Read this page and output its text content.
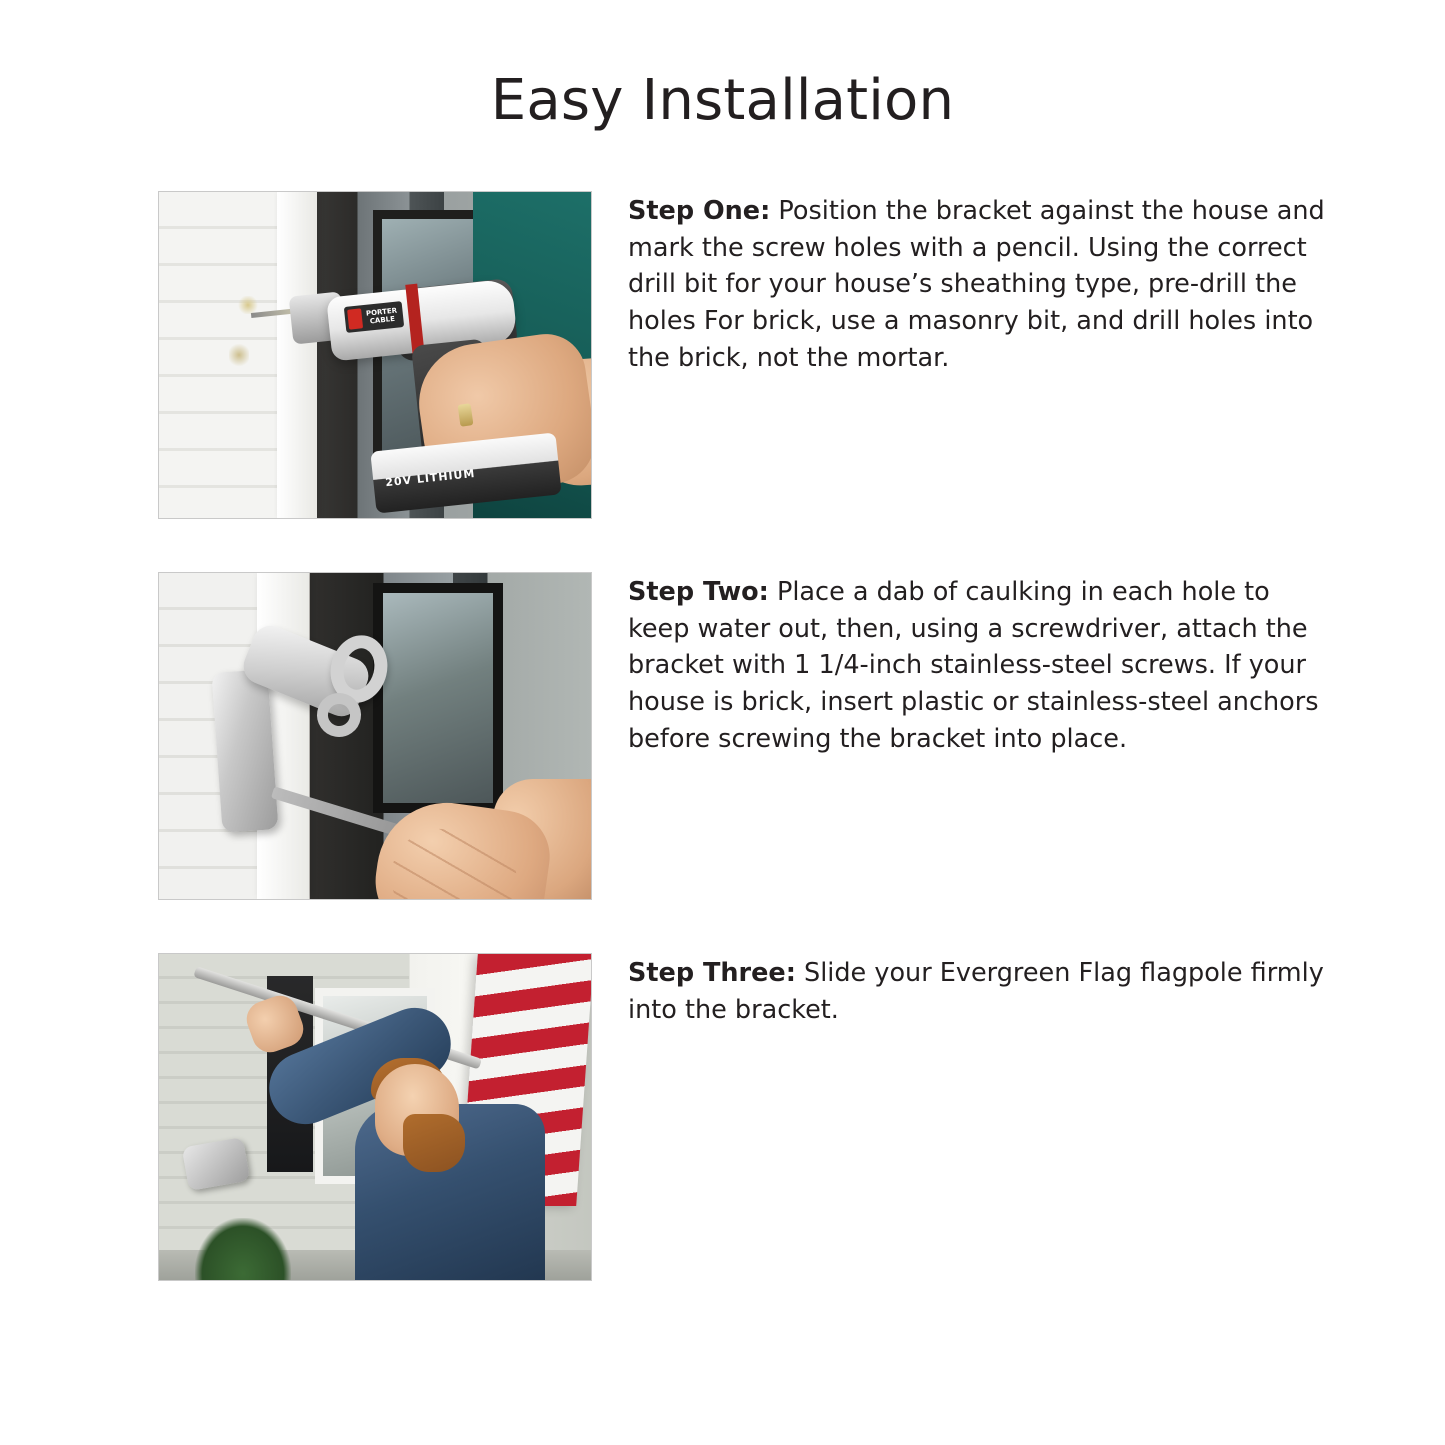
Easy Installation
PORTER CABLE
20V LITHIUM
Step One: Position the bracket against the house and mark the screw holes with a pencil. Using the correct drill bit for your house’s sheathing type, pre-drill the holes For brick, use a masonry bit, and drill holes into the brick, not the mortar.
Step Two: Place a dab of caulking in each hole to keep water out, then, using a screwdriver, attach the bracket with 1 1/4-inch stainless-steel screws. If your house is brick, insert plastic or stainless-steel anchors before screwing the bracket into place.
Step Three: Slide your Evergreen Flag flagpole firmly into the bracket.
